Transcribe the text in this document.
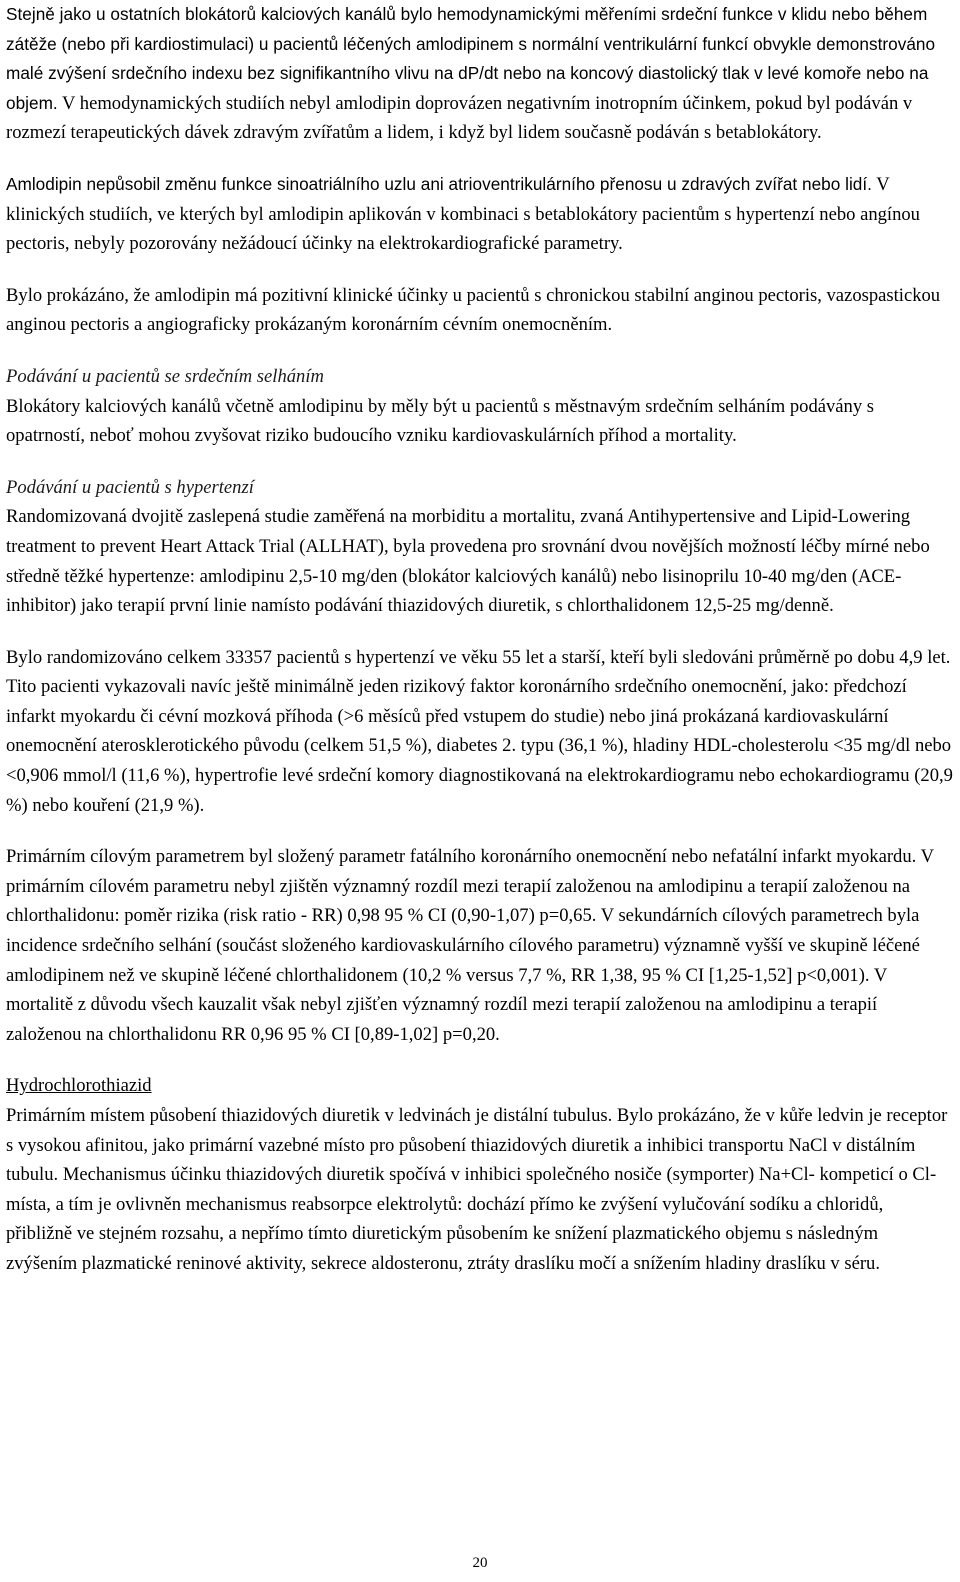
Stejně jako u ostatních blokátorů kalciových kanálů bylo hemodynamickými měřeními srdeční funkce v klidu nebo během zátěže (nebo při kardiostimulaci) u pacientů léčených amlodipinem s normální ventrikulární funkcí obvykle demonstrováno malé zvýšení srdečního indexu bez signifikantního vlivu na dP/dt nebo na koncový diastolický tlak v levé komoře nebo na objem. V hemodynamických studiích nebyl amlodipin doprovázen negativním inotropním účinkem, pokud byl podáván v rozmezí terapeutických dávek zdravým zvířatům a lidem, i když byl lidem současně podáván s betablokátory.

Amlodipin nepůsobil změnu funkce sinoatriálního uzlu ani atrioventrikulárního přenosu u zdravých zvířat nebo lidí. V klinických studiích, ve kterých byl amlodipin aplikován v kombinaci s betablokátory pacientům s hypertenzí nebo angínou pectoris, nebyly pozorovány nežádoucí účinky na elektrokardiografické parametry.

Bylo prokázáno, že amlodipin má pozitivní klinické účinky u pacientů s chronickou stabilní anginou pectoris, vazospastickou anginou pectoris a angiograficky prokázaným koronárním cévním onemocněním.

Podávání u pacientů se srdečním selháním

Blokátory kalciových kanálů včetně amlodipinu by měly být u pacientů s městnavým srdečním selháním podávány s opatrností, neboť mohou zvyšovat riziko budoucího vzniku kardiovaskulárních příhod a mortality.

Podávání u pacientů s hypertenzí

Randomizovaná dvojitě zaslepená studie zaměřená na morbiditu a mortalitu, zvaná Antihypertensive and Lipid-Lowering treatment to prevent Heart Attack Trial (ALLHAT), byla provedena pro srovnání dvou novějších možností léčby mírné nebo středně těžké hypertenze: amlodipinu 2,5-10 mg/den (blokátor kalciových kanálů) nebo lisinoprilu 10-40 mg/den (ACE-inhibitor) jako terapií první linie namísto podávání thiazidových diuretik, s chlorthalidonem 12,5-25 mg/denně.

Bylo randomizováno celkem 33357 pacientů s hypertenzí ve věku 55 let a starší, kteří byli sledováni průměrně po dobu 4,9 let. Tito pacienti vykazovali navíc ještě minimálně jeden rizikový faktor koronárního srdečního onemocnění, jako: předchozí infarkt myokardu či cévní mozková příhoda (>6 měsíců před vstupem do studie) nebo jiná prokázaná kardiovaskulární onemocnění aterosklerotického původu (celkem 51,5 %), diabetes 2. typu (36,1 %), hladiny HDL-cholesterolu <35 mg/dl nebo <0,906 mmol/l (11,6 %), hypertrofie levé srdeční komory diagnostikovaná na elektrokardiogramu nebo echokardiogramu (20,9 %) nebo kouření (21,9 %).

Primárním cílovým parametrem byl složený parametr fatálního koronárního onemocnění nebo nefatální infarkt myokardu. V primárním cílovém parametru nebyl zjištěn významný rozdíl mezi terapií založenou na amlodipinu a terapií založenou na chlorthalidonu: poměr rizika (risk ratio - RR) 0,98 95 % CI (0,90-1,07) p=0,65. V sekundárních cílových parametrech byla incidence srdečního selhání (součást složeného kardiovaskulárního cílového parametru) významně vyšší ve skupině léčené amlodipinem než ve skupině léčené chlorthalidonem (10,2 % versus 7,7 %, RR 1,38, 95 % CI [1,25-1,52] p<0,001). V mortalitě z důvodu všech kauzalit však nebyl zjišťen významný rozdíl mezi terapií založenou na amlodipinu a terapií založenou na chlorthalidonu RR 0,96 95 % CI [0,89-1,02] p=0,20.

Hydrochlorothiazid

Primárním místem působení thiazidových diuretik v ledvinách je distální tubulus. Bylo prokázáno, že v kůře ledvin je receptor s vysokou afinitou, jako primární vazebné místo pro působení thiazidových diuretik a inhibici transportu NaCl v distálním tubulu. Mechanismus účinku thiazidových diuretik spočívá v inhibici společného nosiče (symporter) Na+Cl- kompeticí o Cl- místa, a tím je ovlivněn mechanismus reabsorpce elektrolytů: dochází přímo ke zvýšení vylučování sodíku a chloridů, přibližně ve stejném rozsahu, a nepřímo tímto diuretickým působením ke snížení plazmatického objemu s následným zvýšením plazmatické reninové aktivity, sekrece aldosteronu, ztráty draslíku močí a snížením hladiny draslíku v séru.

20
